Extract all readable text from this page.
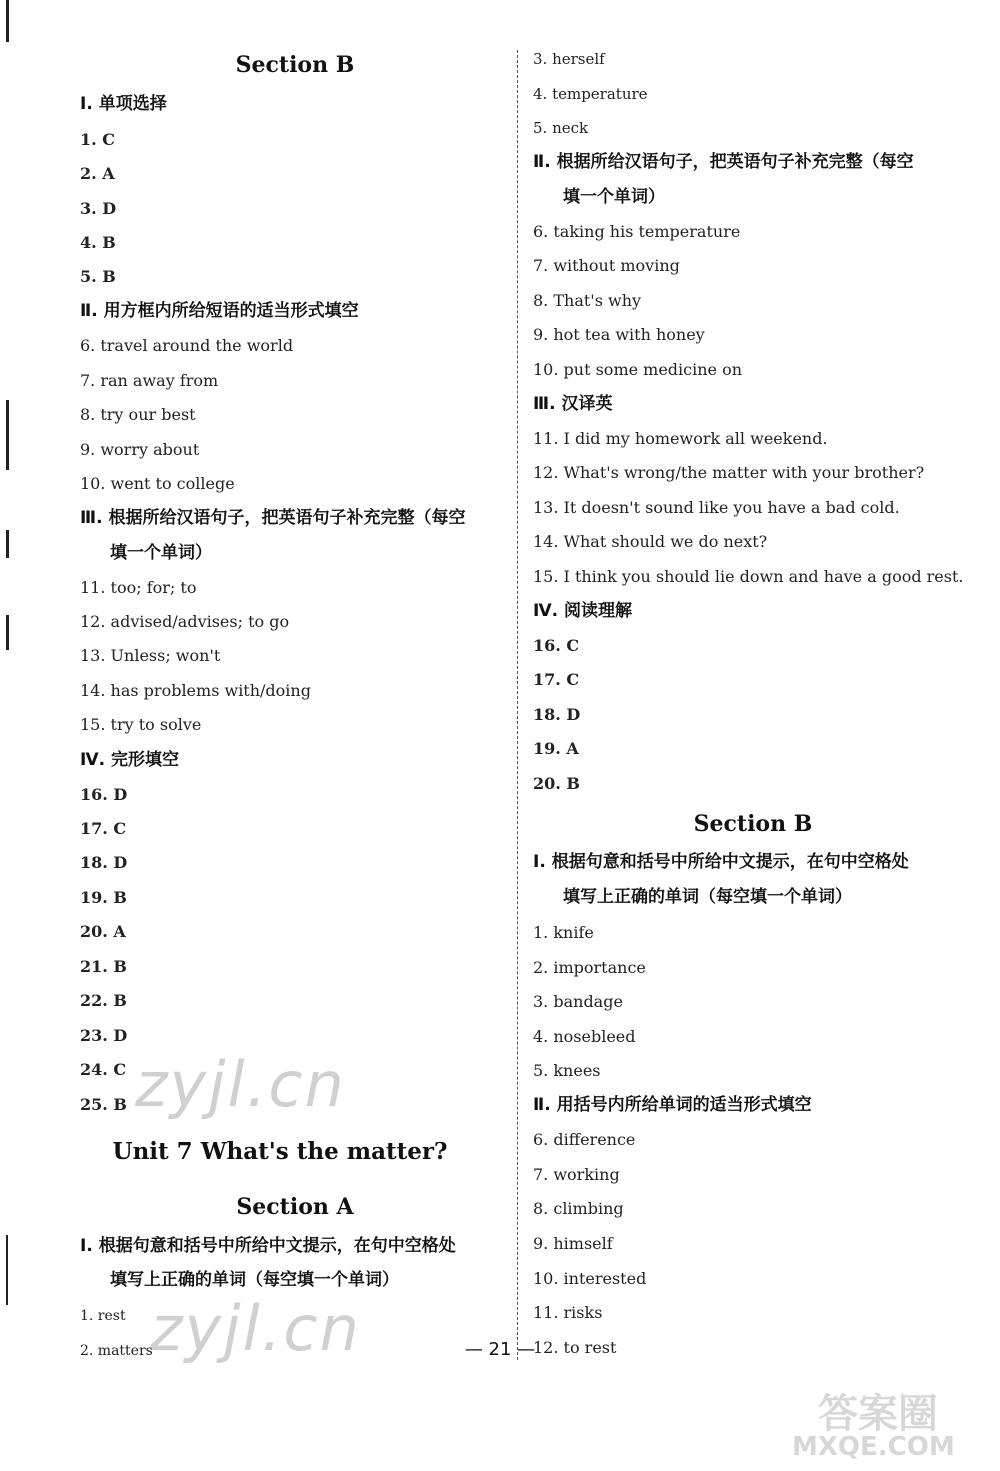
Section B
Ⅰ. 单项选择
1. C
2. A
3. D
4. B
5. B
Ⅱ. 用方框内所给短语的适当形式填空
6. travel around the world
7. ran away from
8. try our best
9. worry about
10. went to college
Ⅲ. 根据所给汉语句子，把英语句子补充完整（每空
填一个单词）
11. too; for; to
12. advised/advises; to go
13. Unless; won't
14. has problems with/doing
15. try to solve
Ⅳ. 完形填空
16. D
17. C
18. D
19. B
20. A
21. B
22. B
23. D
24. C
25. B
Unit 7 What's the matter?
Section A
Ⅰ. 根据句意和括号中所给中文提示，在句中空格处
填写上正确的单词（每空填一个单词）
1. rest
2. matters
3. herself
4. temperature
5. neck
Ⅱ. 根据所给汉语句子，把英语句子补充完整（每空
填一个单词）
6. taking his temperature
7. without moving
8. That's why
9. hot tea with honey
10. put some medicine on
Ⅲ. 汉译英
11. I did my homework all weekend.
12. What's wrong/the matter with your brother?
13. It doesn't sound like you have a bad cold.
14. What should we do next?
15. I think you should lie down and have a good rest.
Ⅳ. 阅读理解
16. C
17. C
18. D
19. A
20. B
Section B
Ⅰ. 根据句意和括号中所给中文提示，在句中空格处
填写上正确的单词（每空填一个单词）
1. knife
2. importance
3. bandage
4. nosebleed
5. knees
Ⅱ. 用括号内所给单词的适当形式填空
6. difference
7. working
8. climbing
9. himself
10. interested
11. risks
12. to rest
— 21 —
zyjl.cn
zyjl.cn
答案圈
MXQE.COM
